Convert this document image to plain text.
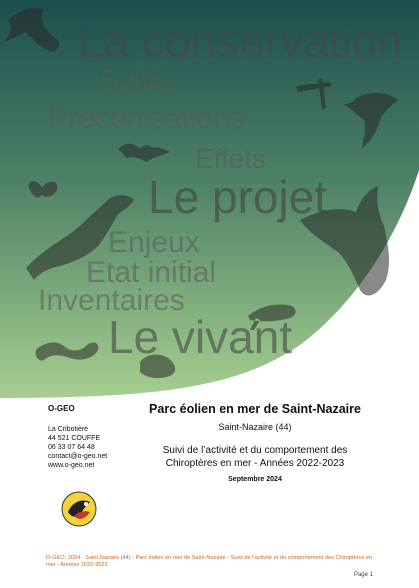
La conservation
Suivis
Préconisations
Effets
Le projet
Enjeux
Etat initial
Inventaires
Le vivant
O-GEO
La Cribotière
44 521 COUFFE
06 33 07 64 48
contact@o-geo.net
www.o-geo.net
Parc éolien en mer de Saint-Nazaire
Saint-Nazaire (44)
Suivi de l’activité et du comportement des
Chiroptères en mer - Années 2022-2023
Septembre 2024
O-GEO, 2024 - Saint-Nazaire (44) - Parc éolien en mer de Saint-Nazaire - Suivi de l’activité et du comportement des Chiroptères en mer - Années 2022-2023
Page 1
